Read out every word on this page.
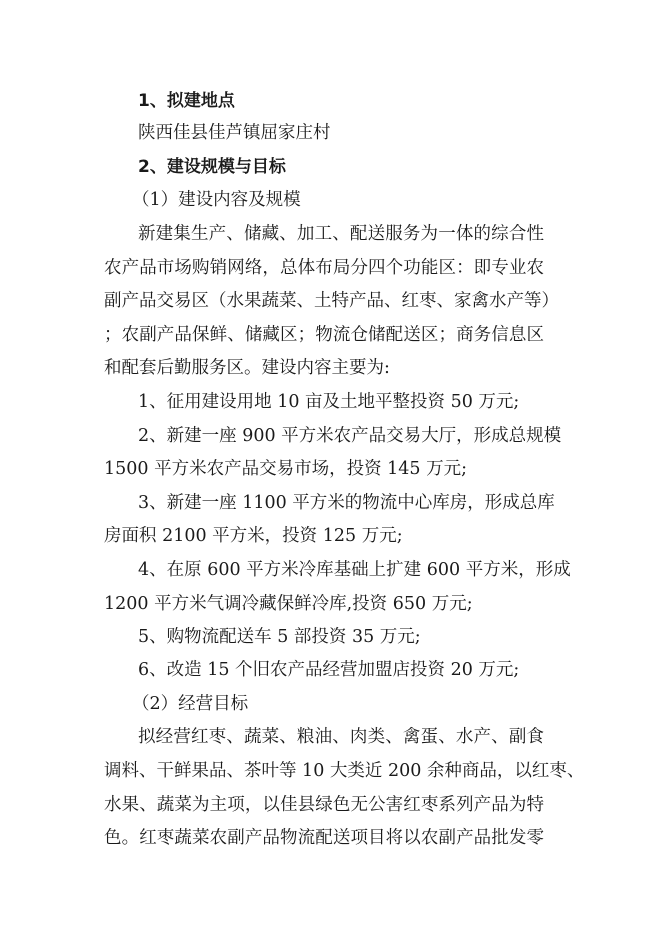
1、拟建地点
陕西佳县佳芦镇屈家庄村
2、建设规模与目标
（1）建设内容及规模
新建集生产、储藏、加工、配送服务为一体的综合性
农产品市场购销网络，总体布局分四个功能区：即专业农
副产品交易区（水果蔬菜、土特产品、红枣、家禽水产等）
；农副产品保鲜、储藏区；物流仓储配送区；商务信息区
和配套后勤服务区。建设内容主要为:
1、征用建设用地 10 亩及土地平整投资 50 万元;
2、新建一座 900 平方米农产品交易大厅，形成总规模
1500 平方米农产品交易市场，投资 145 万元;
3、新建一座 1100 平方米的物流中心库房，形成总库
房面积 2100 平方米，投资 125 万元;
4、在原 600 平方米冷库基础上扩建 600 平方米，形成
1200 平方米气调冷藏保鲜冷库,投资 650 万元;
5、购物流配送车 5 部投资 35 万元;
6、改造 15 个旧农产品经营加盟店投资 20 万元;
（2）经营目标
拟经营红枣、蔬菜、粮油、肉类、禽蛋、水产、副食
调料、干鲜果品、茶叶等 10 大类近 200 余种商品，以红枣、
水果、蔬菜为主项，以佳县绿色无公害红枣系列产品为特
色。红枣蔬菜农副产品物流配送项目将以农副产品批发零
